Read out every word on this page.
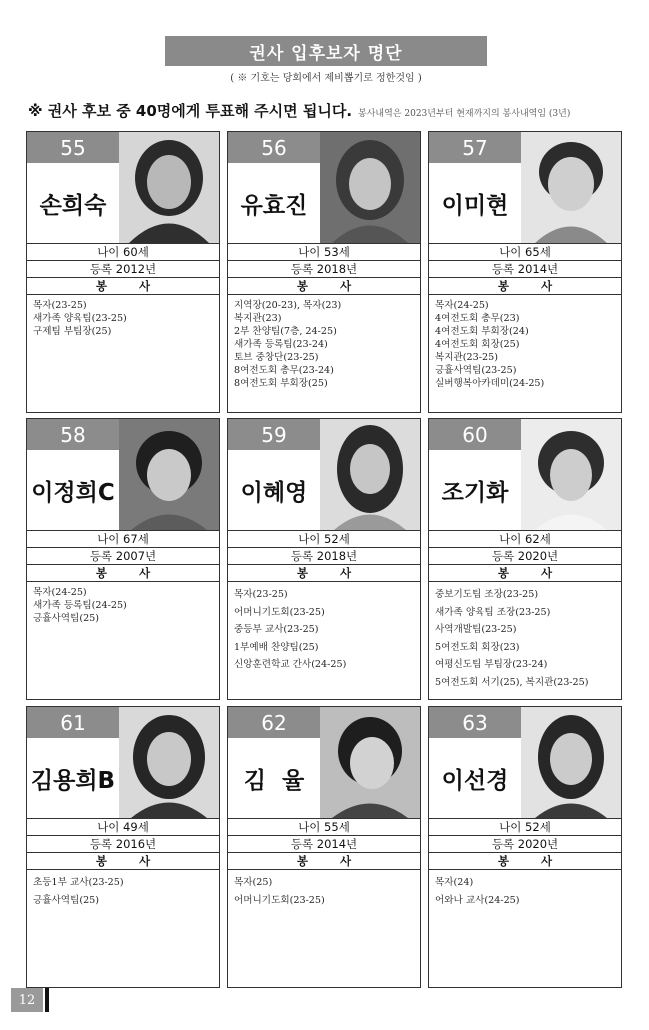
권사 입후보자 명단
( ※ 기호는 당회에서 제비뽑기로 정한것임 )
※ 권사 후보 중 40명에게 투표해 주시면 됩니다. 봉사내역은 2023년부터 현재까지의 봉사내역임 (3년)
55
손희숙
나이 60세
등록 2012년
봉 사
목자(23-25)
새가족 양육팀(23-25)
구제팀 부팀장(25)
56
유효진
나이 53세
등록 2018년
봉 사
지역장(20-23), 목자(23)
복지관(23)
2부 찬양팀(7층, 24-25)
새가족 등록팀(23-24)
토브 중창단(23-25)
8여전도회 총무(23-24)
8여전도회 부회장(25)
57
이미현
나이 65세
등록 2014년
봉 사
목자(24-25)
4여전도회 총무(23)
4여전도회 부회장(24)
4여전도회 회장(25)
복지관(23-25)
긍휼사역팀(23-25)
실버행복아카데미(24-25)
58
이정희C
나이 67세
등록 2007년
봉 사
목자(24-25)
새가족 등록팀(24-25)
긍휼사역팀(25)
59
이혜영
나이 52세
등록 2018년
봉 사
목자(23-25)
어머니기도회(23-25)
중등부 교사(23-25)
1부예배 찬양팀(25)
신앙훈련학교 간사(24-25)
60
조기화
나이 62세
등록 2020년
봉 사
중보기도팀 조장(23-25)
새가족 양육팀 조장(23-25)
사역개발팀(23-25)
5여전도회 회장(23)
여평신도팀 부팀장(23-24)
5여전도회 서기(25), 복지관(23-25)
61
김용희B
나이 49세
등록 2016년
봉 사
초등1부 교사(23-25)
긍휼사역팀(25)
62
김  율
나이 55세
등록 2014년
봉 사
목자(25)
어머니기도회(23-25)
63
이선경
나이 52세
등록 2020년
봉 사
목자(24)
어와나 교사(24-25)
12
